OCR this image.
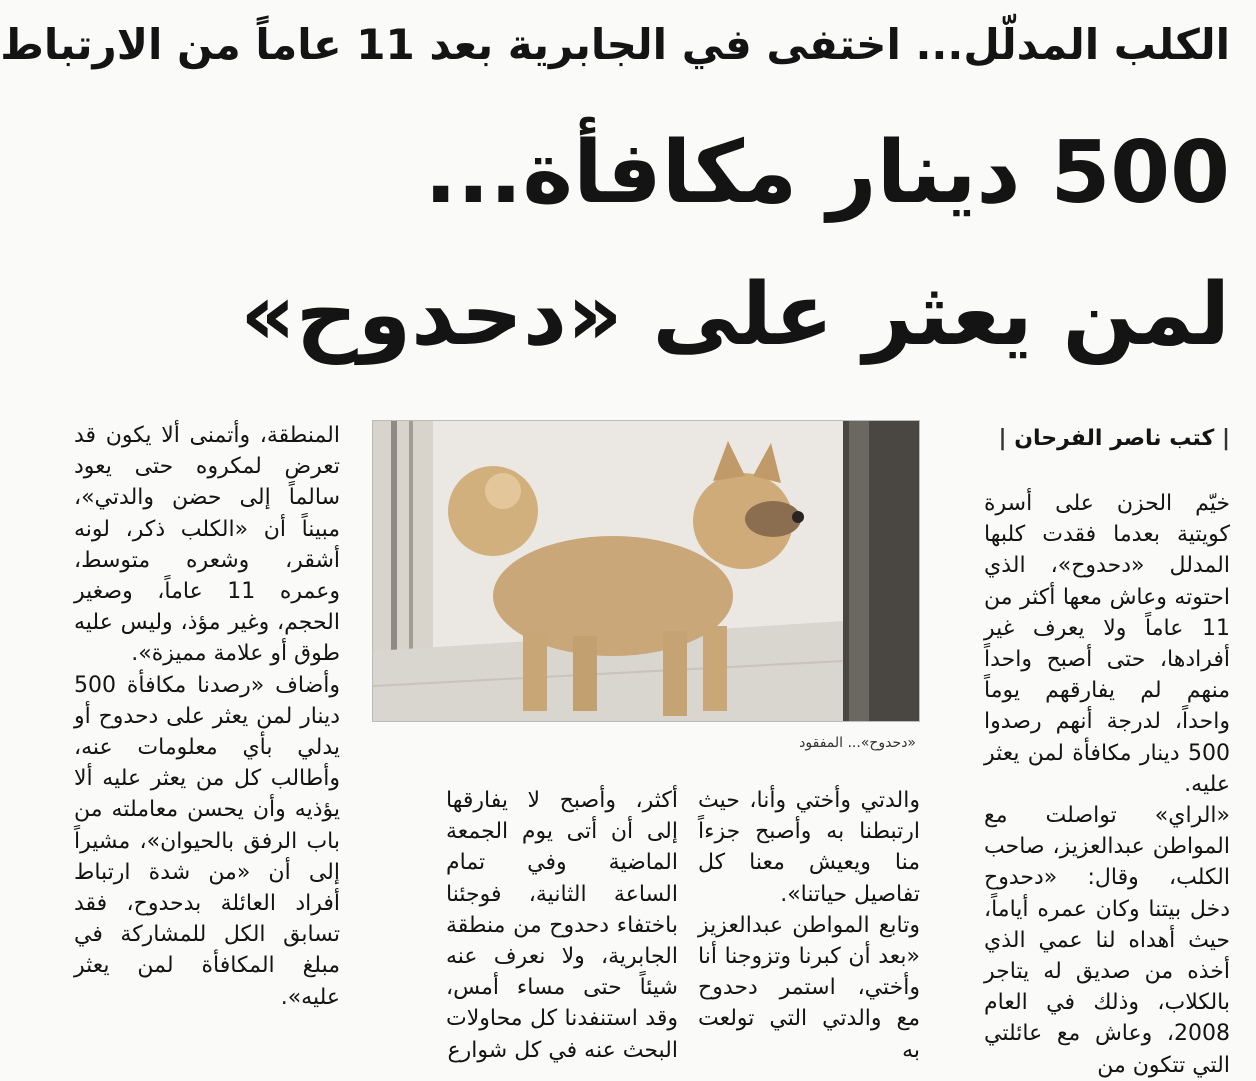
الكلب المدلّل... اختفى في الجابرية بعد 11 عاماً من الارتباط
500 دينار مكافأة...
لمن يعثر على «دحدوح»
| كتب ناصر الفرحان |

خيّم الحزن على أسرة كويتية بعدما فقدت كلبها المدلل «دحدوح»، الذي احتوته وعاش معها أكثر من 11 عاماً ولا يعرف غير أفرادها، حتى أصبح واحداً منهم لم يفارقهم يوماً واحداً، لدرجة أنهم رصدوا 500 دينار مكافأة لمن يعثر عليه.

«الراي» تواصلت مع المواطن عبدالعزيز، صاحب الكلب، وقال: «دحدوح دخل بيتنا وكان عمره أياماً، حيث أهداه لنا عمي الذي أخذه من صديق له يتاجر بالكلاب، وذلك في العام 2008، وعاش مع عائلتي التي تتكون من

«دحدوح»... المفقود

والدتي وأختي وأنا، حيث ارتبطنا به وأصبح جزءاً منا ويعيش معنا كل تفاصيل حياتنا».

وتابع المواطن عبدالعزيز «بعد أن كبرنا وتزوجنا أنا وأختي، استمر دحدوح مع والدتي التي تولعت به

أكثر، وأصبح لا يفارقها إلى أن أتى يوم الجمعة الماضية وفي تمام الساعة الثانية، فوجئنا باختفاء دحدوح من منطقة الجابرية، ولا نعرف عنه شيئاً حتى مساء أمس، وقد استنفدنا كل محاولات البحث عنه في كل شوارع

المنطقة، وأتمنى ألا يكون قد تعرض لمكروه حتى يعود سالماً إلى حضن والدتي»، مبيناً أن «الكلب ذكر، لونه أشقر، وشعره متوسط، وعمره 11 عاماً، وصغير الحجم، وغير مؤذ، وليس عليه طوق أو علامة مميزة».

وأضاف «رصدنا مكافأة 500 دينار لمن يعثر على دحدوح أو يدلي بأي معلومات عنه، وأطالب كل من يعثر عليه ألا يؤذيه وأن يحسن معاملته من باب الرفق بالحيوان»، مشيراً إلى أن «من شدة ارتباط أفراد العائلة بدحدوح، فقد تسابق الكل للمشاركة في مبلغ المكافأة لمن يعثر عليه».
